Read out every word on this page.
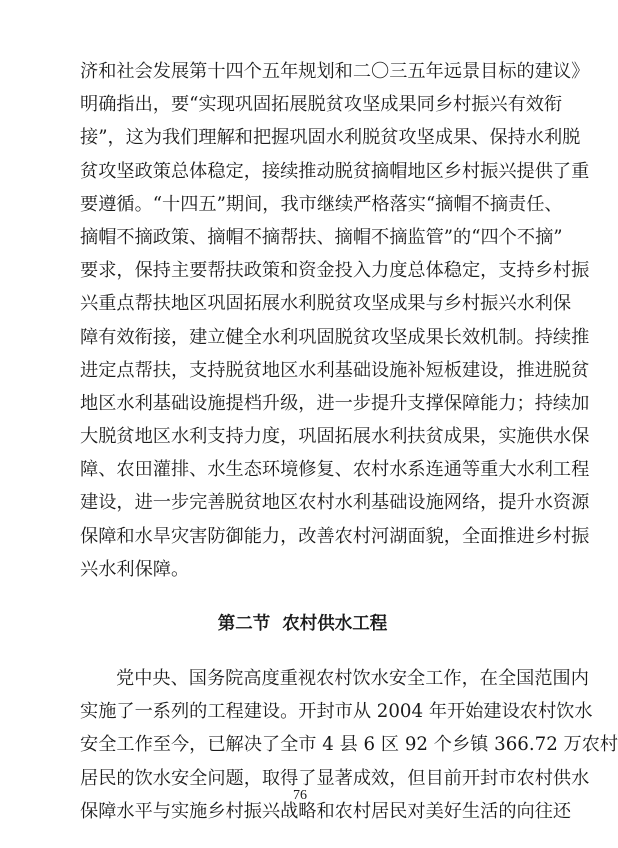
济和社会发展第十四个五年规划和二〇三五年远景目标的建议》
明确指出，要“实现巩固拓展脱贫攻坚成果同乡村振兴有效衔
接”，这为我们理解和把握巩固水利脱贫攻坚成果、保持水利脱
贫攻坚政策总体稳定，接续推动脱贫摘帽地区乡村振兴提供了重
要遵循。“十四五”期间，我市继续严格落实“摘帽不摘责任、
摘帽不摘政策、摘帽不摘帮扶、摘帽不摘监管”的“四个不摘”
要求，保持主要帮扶政策和资金投入力度总体稳定，支持乡村振
兴重点帮扶地区巩固拓展水利脱贫攻坚成果与乡村振兴水利保
障有效衔接，建立健全水利巩固脱贫攻坚成果长效机制。持续推
进定点帮扶，支持脱贫地区水利基础设施补短板建设，推进脱贫
地区水利基础设施提档升级，进一步提升支撑保障能力；持续加
大脱贫地区水利支持力度，巩固拓展水利扶贫成果，实施供水保
障、农田灌排、水生态环境修复、农村水系连通等重大水利工程
建设，进一步完善脱贫地区农村水利基础设施网络，提升水资源
保障和水旱灾害防御能力，改善农村河湖面貌，全面推进乡村振
兴水利保障。
第二节 农村供水工程
党中央、国务院高度重视农村饮水安全工作，在全国范围内
实施了一系列的工程建设。开封市从 2004 年开始建设农村饮水
安全工作至今，已解决了全市 4 县 6 区 92 个乡镇 366.72 万农村
居民的饮水安全问题，取得了显著成效，但目前开封市农村供水
保障水平与实施乡村振兴战略和农村居民对美好生活的向往还
76
